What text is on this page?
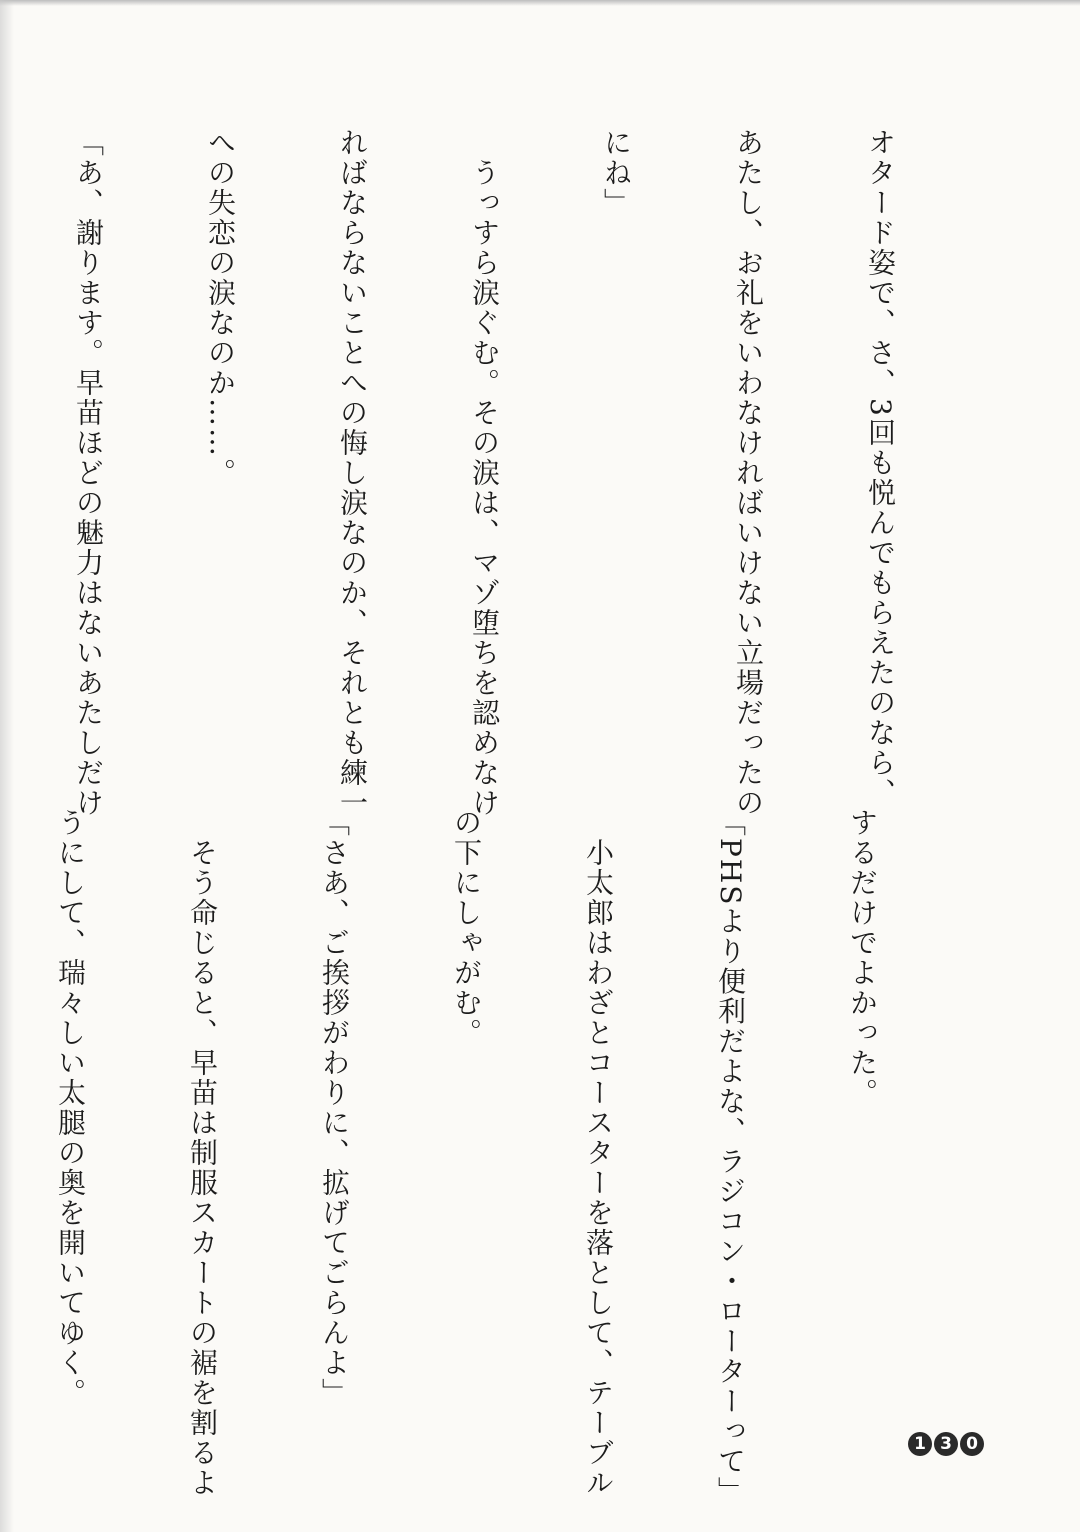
オタード姿で、さ、3回も悦んでもらえたのなら、

あたし、お礼をいわなければいけない立場だったの

にね」

　うっすら涙ぐむ。その涙は、マゾ堕ちを認めなけ

ればならないことへの悔し涙なのか、それとも練一

への失恋の涙なのか……。

「あ、謝ります。早苗ほどの魅力はないあたしだけ

するだけでよかった。

「PHSより便利だよな、ラジコン・ローターって」

　小太郎はわざとコースターを落として、テーブル

の下にしゃがむ。

「さあ、ご挨拶がわりに、拡げてごらんよ」

　そう命じると、早苗は制服スカートの裾を割るよ

うにして、瑞々しい太腿の奥を開いてゆく。

1 3 0
